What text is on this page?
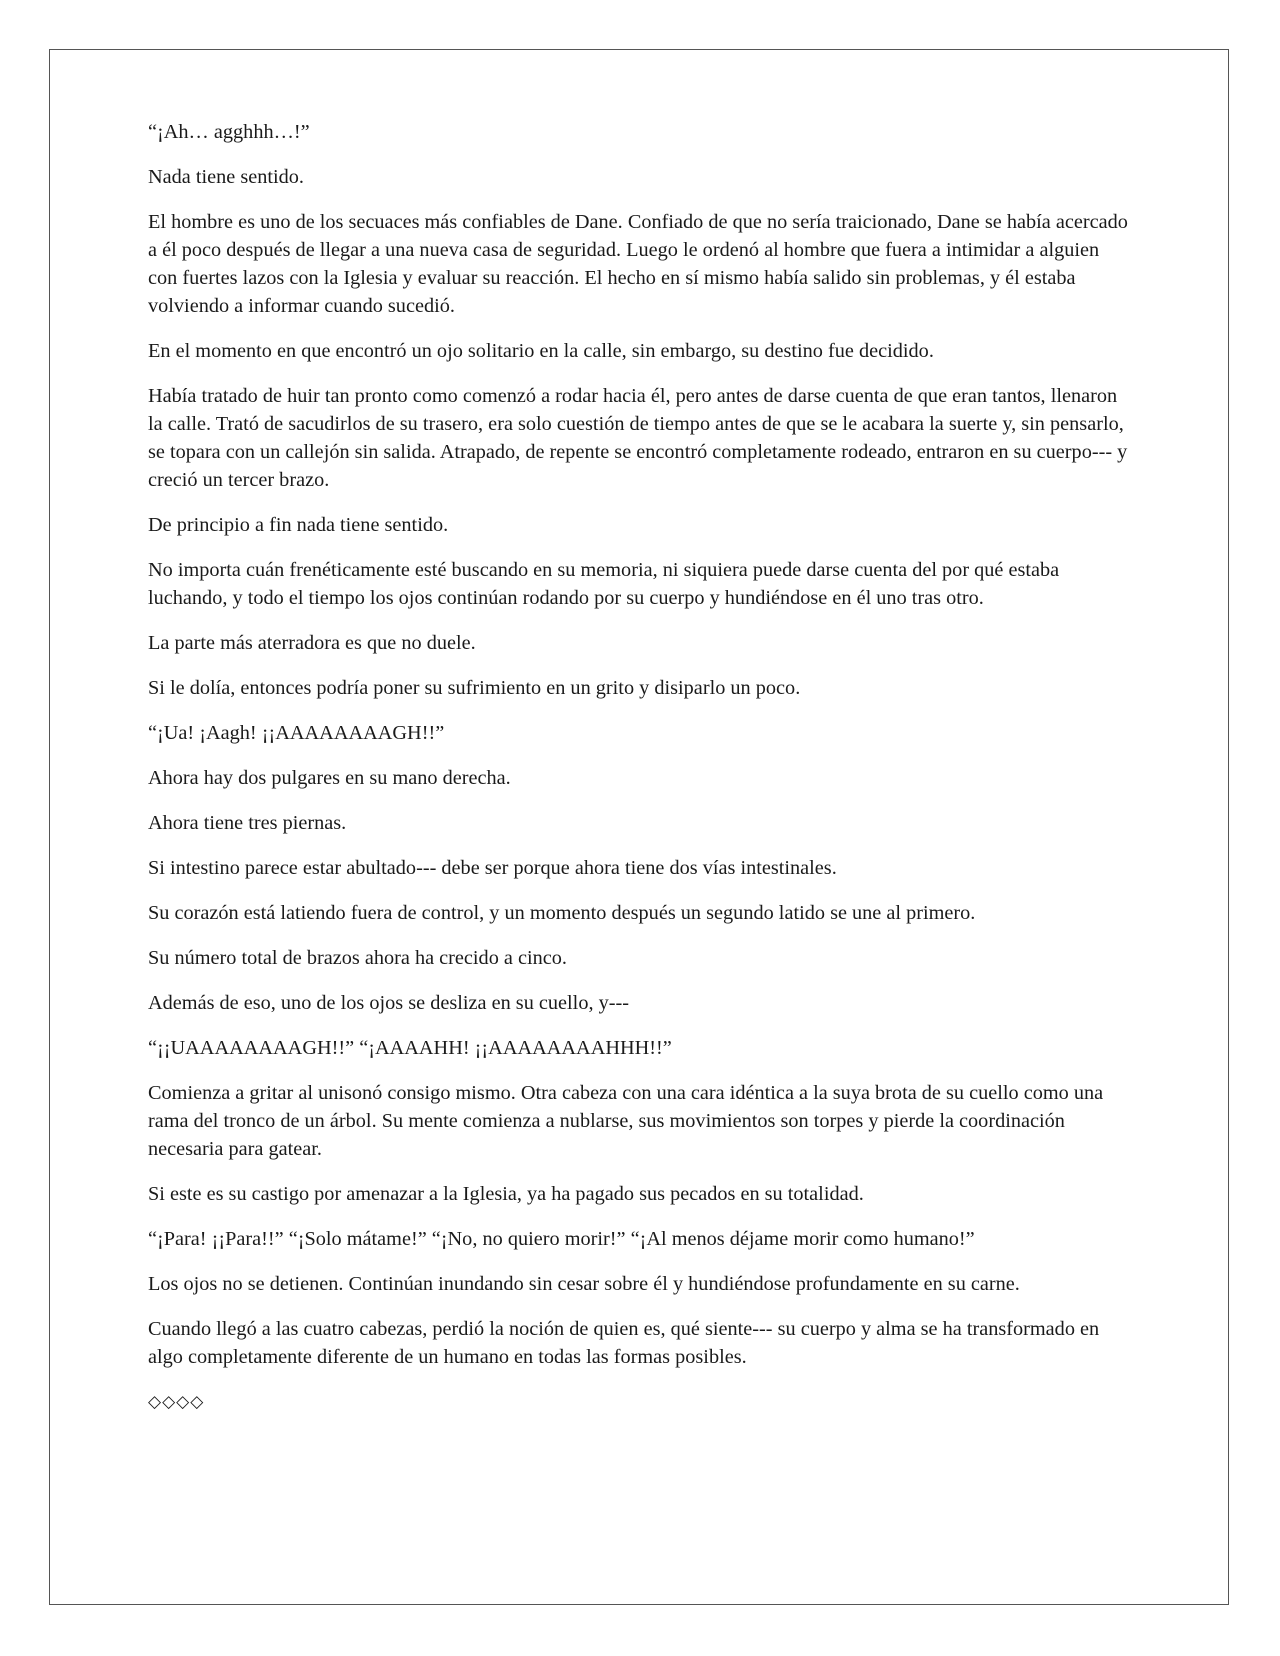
“¡Ah… agghhh…!”

Nada tiene sentido.

El hombre es uno de los secuaces más confiables de Dane. Confiado de que no sería traicionado, Dane se había acercado a él poco después de llegar a una nueva casa de seguridad. Luego le ordenó al hombre que fuera a intimidar a alguien con fuertes lazos con la Iglesia y evaluar su reacción. El hecho en sí mismo había salido sin problemas, y él estaba volviendo a informar cuando sucedió.

En el momento en que encontró un ojo solitario en la calle, sin embargo, su destino fue decidido.

Había tratado de huir tan pronto como comenzó a rodar hacia él, pero antes de darse cuenta de que eran tantos, llenaron la calle. Trató de sacudirlos de su trasero, era solo cuestión de tiempo antes de que se le acabara la suerte y, sin pensarlo, se topara con un callejón sin salida. Atrapado, de repente se encontró completamente rodeado, entraron en su cuerpo--- y creció un tercer brazo.

De principio a fin nada tiene sentido.

No importa cuán frenéticamente esté buscando en su memoria, ni siquiera puede darse cuenta del por qué estaba luchando, y todo el tiempo los ojos continúan rodando por su cuerpo y hundiéndose en él uno tras otro.

La parte más aterradora es que no duele.

Si le dolía, entonces podría poner su sufrimiento en un grito y disiparlo un poco.

“¡Ua! ¡Aagh! ¡¡AAAAAAAAGH!!”

Ahora hay dos pulgares en su mano derecha.

Ahora tiene tres piernas.

Si intestino parece estar abultado--- debe ser porque ahora tiene dos vías intestinales.

Su corazón está latiendo fuera de control, y un momento después un segundo latido se une al primero.

Su número total de brazos ahora ha crecido a cinco.

Además de eso, uno de los ojos se desliza en su cuello, y---

“¡¡UAAAAAAAAGH!!” “¡AAAAHH! ¡¡AAAAAAAAHHH!!”

Comienza a gritar al unisonó consigo mismo. Otra cabeza con una cara idéntica a la suya brota de su cuello como una rama del tronco de un árbol. Su mente comienza a nublarse, sus movimientos son torpes y pierde la coordinación necesaria para gatear.

Si este es su castigo por amenazar a la Iglesia, ya ha pagado sus pecados en su totalidad.

“¡Para! ¡¡Para!!” “¡Solo mátame!” “¡No, no quiero morir!” “¡Al menos déjame morir como humano!”

Los ojos no se detienen. Continúan inundando sin cesar sobre él y hundiéndose profundamente en su carne.

Cuando llegó a las cuatro cabezas, perdió la noción de quien es, qué siente--- su cuerpo y alma se ha transformado en algo completamente diferente de un humano en todas las formas posibles.

◇◇◇◇
